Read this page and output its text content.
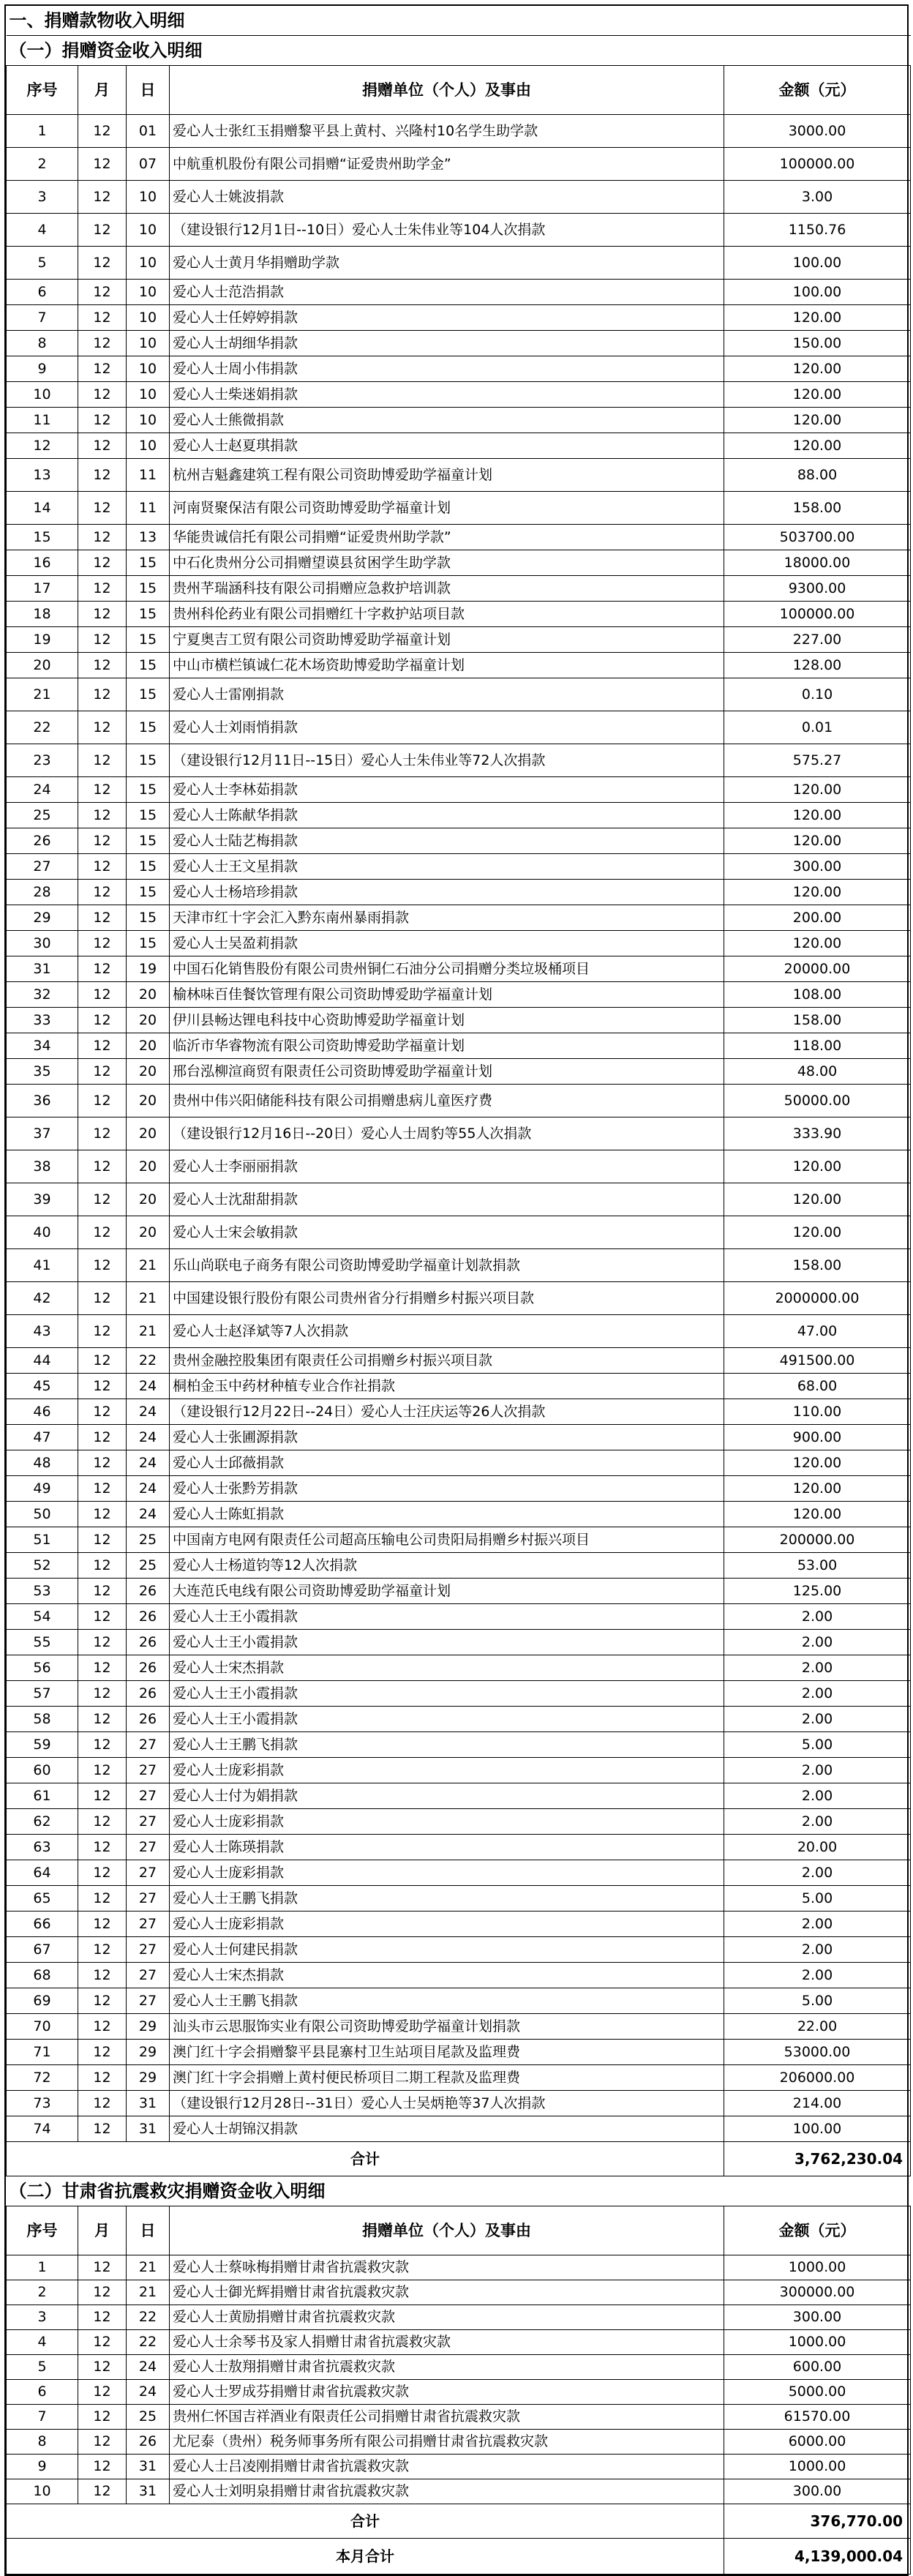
一、捐赠款物收入明细				
（一）捐赠资金收入明细				
序号	月	日	捐赠单位（个人）及事由	金额（元）
1	12	01	爱心人士张红玉捐赠黎平县上黄村、兴隆村10名学生助学款	3000.00
2	12	07	中航重机股份有限公司捐赠“证爱贵州助学金”	100000.00
3	12	10	爱心人士姚波捐款	3.00
4	12	10	（建设银行12月1日--10日）爱心人士朱伟业等104人次捐款	1150.76
5	12	10	爱心人士黄月华捐赠助学款	100.00
6	12	10	爱心人士范浩捐款	100.00
7	12	10	爱心人士任婷婷捐款	120.00
8	12	10	爱心人士胡细华捐款	150.00
9	12	10	爱心人士周小伟捐款	120.00
10	12	10	爱心人士柴迷娟捐款	120.00
11	12	10	爱心人士熊微捐款	120.00
12	12	10	爱心人士赵夏琪捐款	120.00
13	12	11	杭州吉魁鑫建筑工程有限公司资助博爱助学福童计划	88.00
14	12	11	河南贤聚保洁有限公司资助博爱助学福童计划	158.00
15	12	13	华能贵诚信托有限公司捐赠“证爱贵州助学款”	503700.00
16	12	15	中石化贵州分公司捐赠望谟县贫困学生助学款	18000.00
17	12	15	贵州芊瑞涵科技有限公司捐赠应急救护培训款	9300.00
18	12	15	贵州科伦药业有限公司捐赠红十字救护站项目款	100000.00
19	12	15	宁夏奥吉工贸有限公司资助博爱助学福童计划	227.00
20	12	15	中山市横栏镇诚仁花木场资助博爱助学福童计划	128.00
21	12	15	爱心人士雷刚捐款	0.10
22	12	15	爱心人士刘雨悄捐款	0.01
23	12	15	（建设银行12月11日--15日）爱心人士朱伟业等72人次捐款	575.27
24	12	15	爱心人士李林茹捐款	120.00
25	12	15	爱心人士陈献华捐款	120.00
26	12	15	爱心人士陆艺梅捐款	120.00
27	12	15	爱心人士王文星捐款	300.00
28	12	15	爱心人士杨培珍捐款	120.00
29	12	15	天津市红十字会汇入黔东南州暴雨捐款	200.00
30	12	15	爱心人士吴盈莉捐款	120.00
31	12	19	中国石化销售股份有限公司贵州铜仁石油分公司捐赠分类垃圾桶项目	20000.00
32	12	20	榆林味百佳餐饮管理有限公司资助博爱助学福童计划	108.00
33	12	20	伊川县畅达锂电科技中心资助博爱助学福童计划	158.00
34	12	20	临沂市华睿物流有限公司资助博爱助学福童计划	118.00
35	12	20	邢台泓柳渲商贸有限责任公司资助博爱助学福童计划	48.00
36	12	20	贵州中伟兴阳储能科技有限公司捐赠患病儿童医疗费	50000.00
37	12	20	（建设银行12月16日--20日）爱心人士周豹等55人次捐款	333.90
38	12	20	爱心人士李丽丽捐款	120.00
39	12	20	爱心人士沈甜甜捐款	120.00
40	12	20	爱心人士宋会敏捐款	120.00
41	12	21	乐山尚联电子商务有限公司资助博爱助学福童计划款捐款	158.00
42	12	21	中国建设银行股份有限公司贵州省分行捐赠乡村振兴项目款	2000000.00
43	12	21	爱心人士赵泽斌等7人次捐款	47.00
44	12	22	贵州金融控股集团有限责任公司捐赠乡村振兴项目款	491500.00
45	12	24	桐柏金玉中药材种植专业合作社捐款	68.00
46	12	24	（建设银行12月22日--24日）爱心人士汪庆运等26人次捐款	110.00
47	12	24	爱心人士张圃源捐款	900.00
48	12	24	爱心人士邱薇捐款	120.00
49	12	24	爱心人士张黔芳捐款	120.00
50	12	24	爱心人士陈虹捐款	120.00
51	12	25	中国南方电网有限责任公司超高压输电公司贵阳局捐赠乡村振兴项目	200000.00
52	12	25	爱心人士杨道钧等12人次捐款	53.00
53	12	26	大连范氏电线有限公司资助博爱助学福童计划	125.00
54	12	26	爱心人士王小霞捐款	2.00
55	12	26	爱心人士王小霞捐款	2.00
56	12	26	爱心人士宋杰捐款	2.00
57	12	26	爱心人士王小霞捐款	2.00
58	12	26	爱心人士王小霞捐款	2.00
59	12	27	爱心人士王鹏飞捐款	5.00
60	12	27	爱心人士庞彩捐款	2.00
61	12	27	爱心人士付为娟捐款	2.00
62	12	27	爱心人士庞彩捐款	2.00
63	12	27	爱心人士陈瑛捐款	20.00
64	12	27	爱心人士庞彩捐款	2.00
65	12	27	爱心人士王鹏飞捐款	5.00
66	12	27	爱心人士庞彩捐款	2.00
67	12	27	爱心人士何建民捐款	2.00
68	12	27	爱心人士宋杰捐款	2.00
69	12	27	爱心人士王鹏飞捐款	5.00
70	12	29	汕头市云思服饰实业有限公司资助博爱助学福童计划捐款	22.00
71	12	29	澳门红十字会捐赠黎平县昆寨村卫生站项目尾款及监理费	53000.00
72	12	29	澳门红十字会捐赠上黄村便民桥项目二期工程款及监理费	206000.00
73	12	31	（建设银行12月28日--31日）爱心人士吴炳艳等37人次捐款	214.00
74	12	31	爱心人士胡锦汉捐款	100.00
合计				3,762,230.04
（二）甘肃省抗震救灾捐赠资金收入明细				
序号	月	日	捐赠单位（个人）及事由	金额（元）
1	12	21	爱心人士蔡咏梅捐赠甘肃省抗震救灾款	1000.00
2	12	21	爱心人士御光辉捐赠甘肃省抗震救灾款	300000.00
3	12	22	爱心人士黄励捐赠甘肃省抗震救灾款	300.00
4	12	22	爱心人士余琴书及家人捐赠甘肃省抗震救灾款	1000.00
5	12	24	爱心人士敖翔捐赠甘肃省抗震救灾款	600.00
6	12	24	爱心人士罗成芬捐赠甘肃省抗震救灾款	5000.00
7	12	25	贵州仁怀国吉祥酒业有限责任公司捐赠甘肃省抗震救灾款	61570.00
8	12	26	尤尼泰（贵州）税务师事务所有限公司捐赠甘肃省抗震救灾款	6000.00
9	12	31	爱心人士吕凌刚捐赠甘肃省抗震救灾款	1000.00
10	12	31	爱心人士刘明泉捐赠甘肃省抗震救灾款	300.00
合计				376,770.00
本月合计				4,139,000.04
